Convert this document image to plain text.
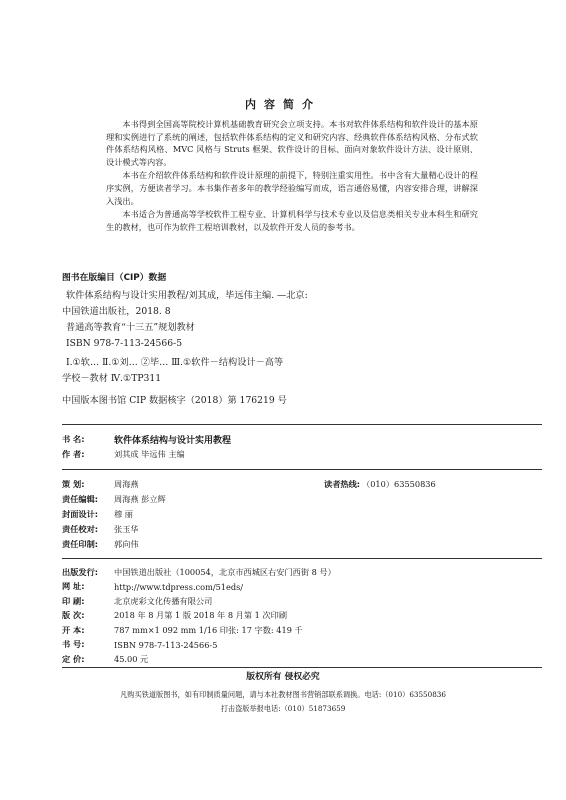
内容简介

本书得到全国高等院校计算机基础教育研究会立项支持。本书对软件体系结构和软件设计的基本原理和实例进行了系统的阐述，包括软件体系结构的定义和研究内容、经典软件体系结构风格、分布式软件体系结构风格、MVC 风格与 Struts 框架、软件设计的目标、面向对象软件设计方法、设计原则、设计模式等内容。

本书在介绍软件体系结构和软件设计原理的前提下，特别注重实用性。书中含有大量精心设计的程序实例，方便读者学习。本书集作者多年的教学经验编写而成，语言通俗易懂，内容安排合理，讲解深入浅出。

本书适合为普通高等学校软件工程专业、计算机科学与技术专业以及信息类相关专业本科生和研究生的教材，也可作为软件工程培训教材，以及软件开发人员的参考书。

图书在版编目（CIP）数据
软件体系结构与设计实用教程/刘其成，毕远伟主编. —北京:
中国铁道出版社，2018. 8
普通高等教育“十三五”规划教材
ISBN 978-7-113-24566-5
Ⅰ.①软… Ⅱ.①刘… ②毕… Ⅲ.①软件－结构设计－高等
学校－教材 Ⅳ.①TP311
中国版本图书馆 CIP 数据核字（2018）第 176219 号
书 名:	软件体系结构与设计实用教程
作 者:	刘其成 毕远伟 主编
策 划:	周海燕	读者热线: （010）63550836
责任编辑:	周海燕 彭立辉
封面设计:	穆 丽
责任校对:	张玉华
责任印制:	郭向伟
出版发行:	中国铁道出版社（100054，北京市西城区右安门西街 8 号）
网 址:	http://www.tdpress.com/51eds/
印 刷:	北京虎彩文化传播有限公司
版 次:	2018 年 8 月第 1 版 2018 年 8 月第 1 次印刷
开 本:	787 mm×1 092 mm 1/16 印张: 17 字数: 419 千
书 号:	ISBN 978-7-113-24566-5
定 价:	45.00 元
版权所有 侵权必究
凡购买铁道版图书，如有印制质量问题，请与本社教材图书营销部联系调换。电话:（010）63550836
打击盗版举报电话:（010）51873659
